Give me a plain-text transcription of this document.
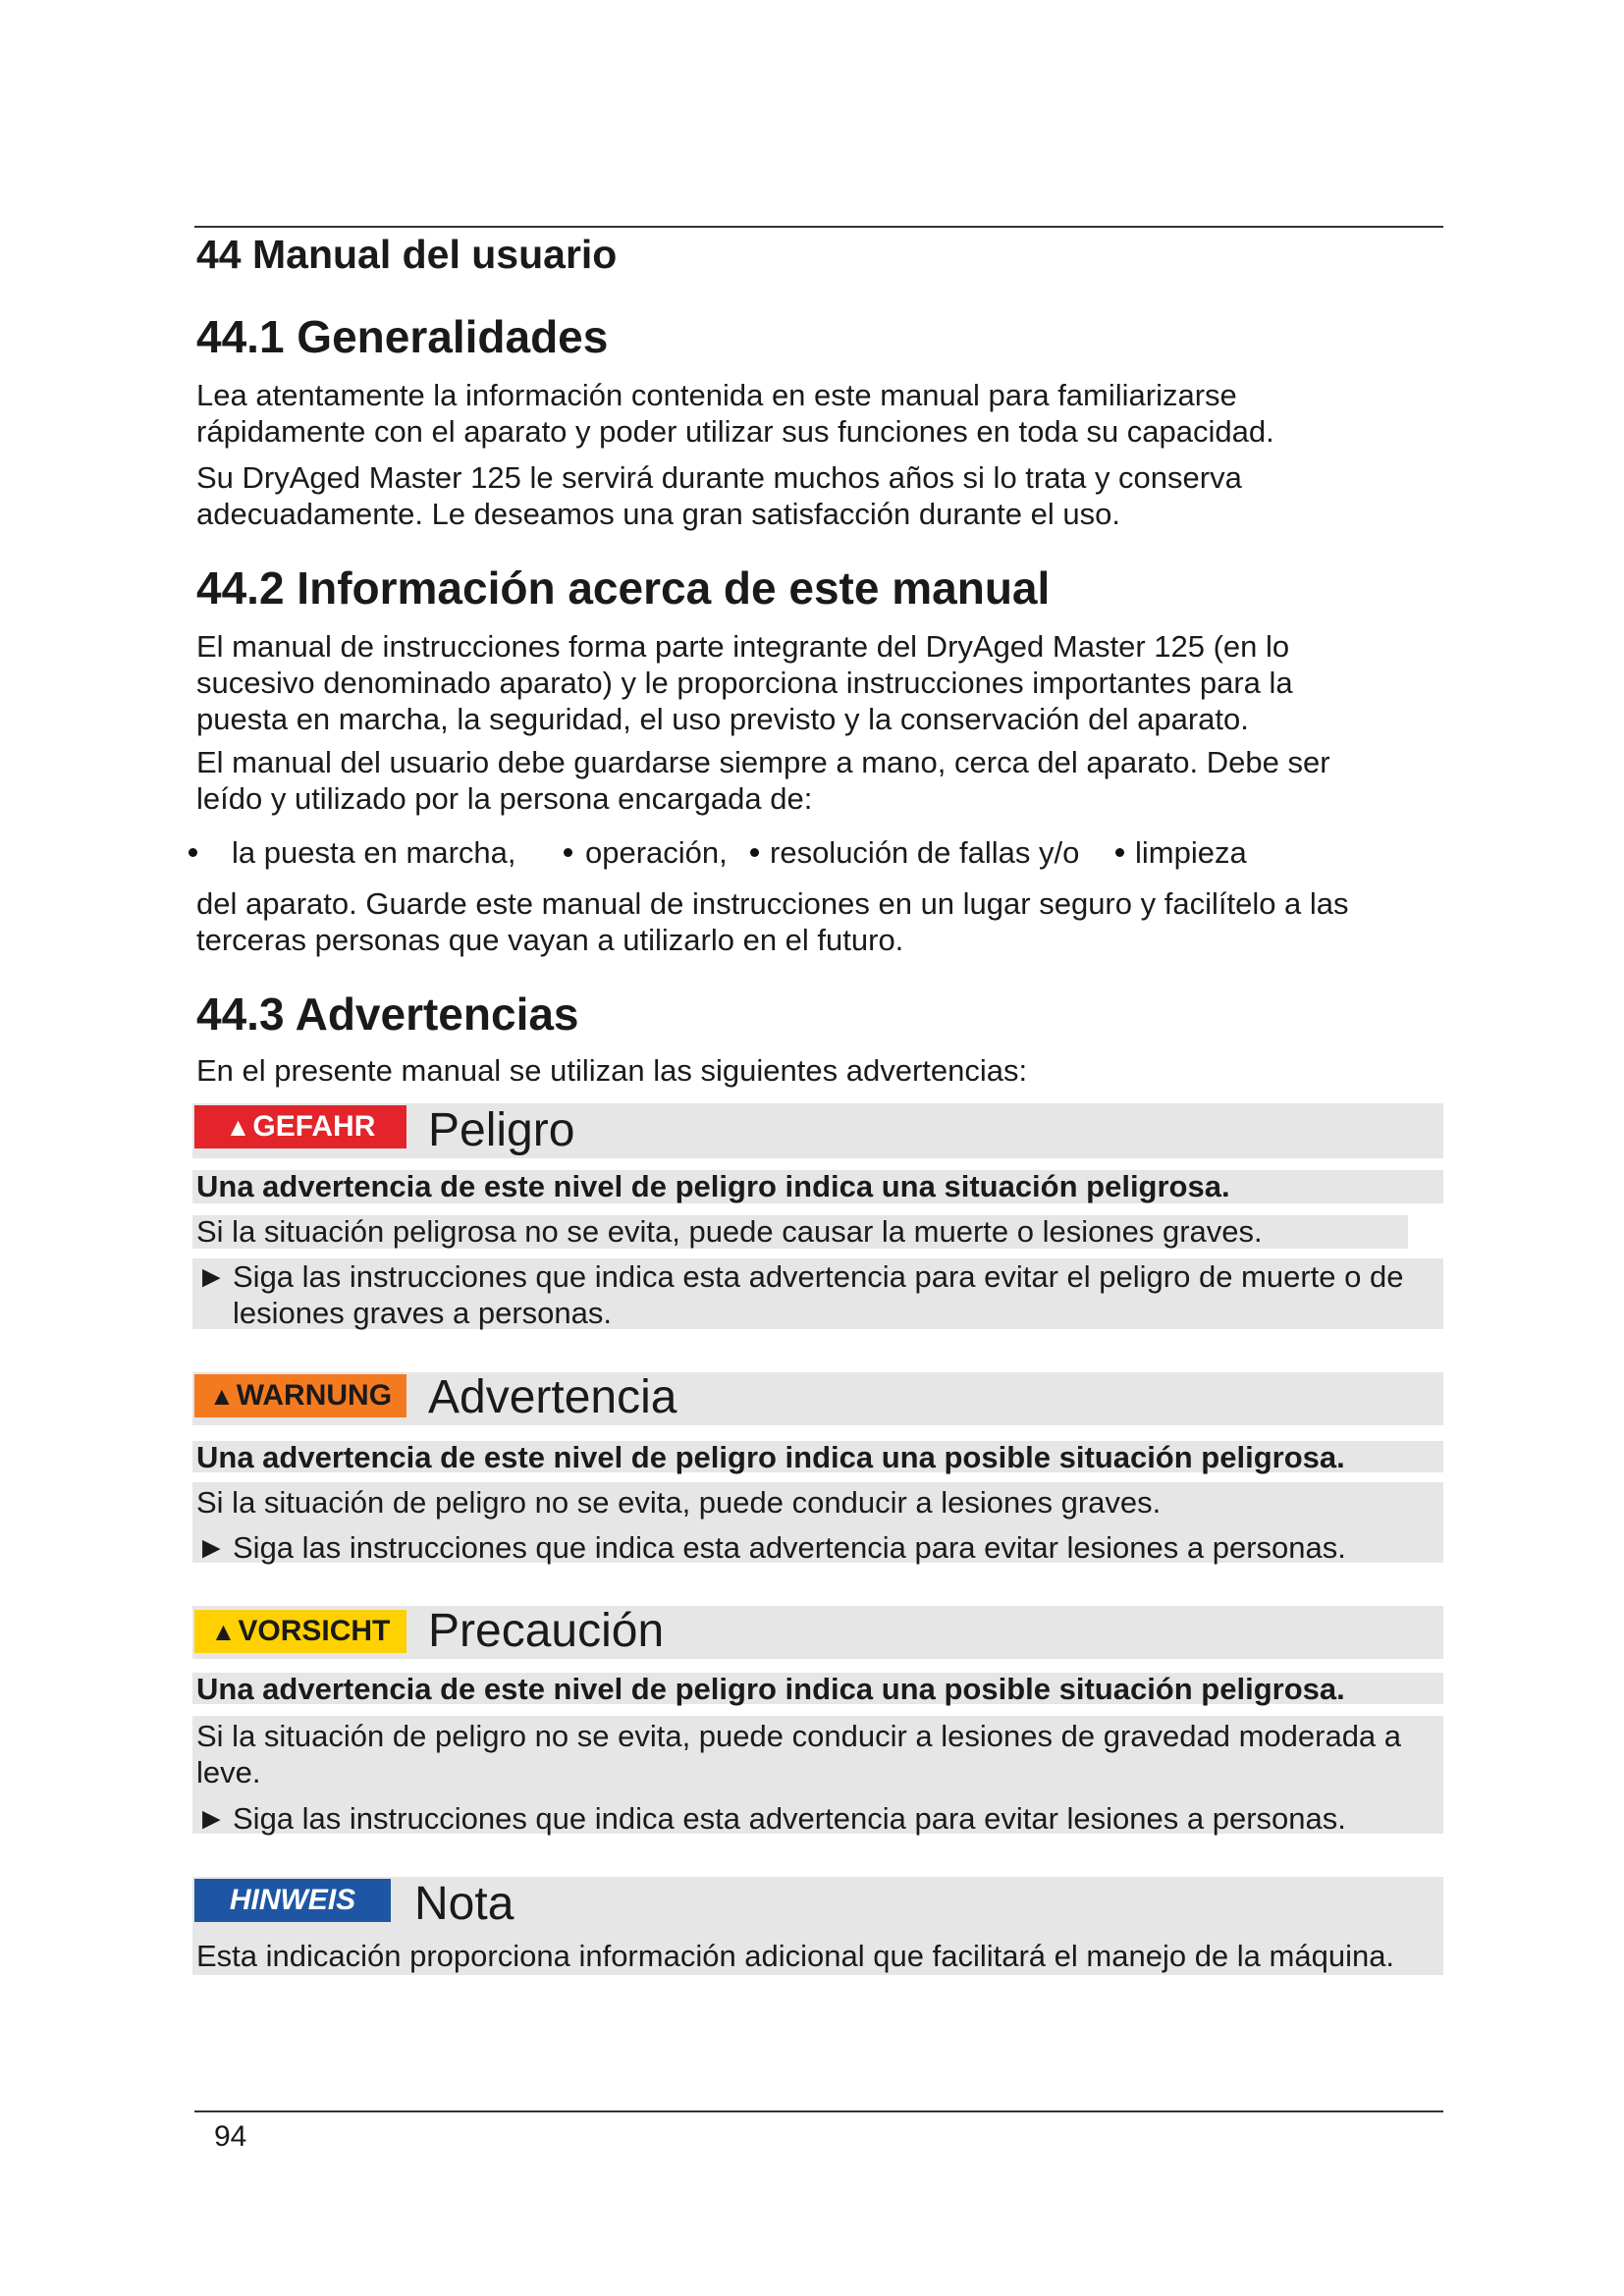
44 Manual del usuario
44.1 Generalidades

Lea atentamente la información contenida en este manual para familiarizarse rápidamente con el aparato y poder utilizar sus funciones en toda su capacidad.

Su DryAged Master 125 le servirá durante muchos años si lo trata y conserva adecuadamente. Le deseamos una gran satisfacción durante el uso.

44.2 Información acerca de este manual

El manual de instrucciones forma parte integrante del DryAged Master 125 (en lo sucesivo denominado aparato) y le proporciona instrucciones importantes para la puesta en marcha, la seguridad, el uso previsto y la conservación del aparato.

El manual del usuario debe guardarse siempre a mano, cerca del aparato. Debe ser leído y utilizado por la persona encargada de:

la puesta en marcha, operación, resolución de fallas y/o limpieza

del aparato. Guarde este manual de instrucciones en un lugar seguro y facilítelo a las terceras personas que vayan a utilizarlo en el futuro.

44.3 Advertencias

En el presente manual se utilizan las siguientes advertencias:

▲ GEFAHR Peligro

Una advertencia de este nivel de peligro indica una situación peligrosa.

Si la situación peligrosa no se evita, puede causar la muerte o lesiones graves.

► Siga las instrucciones que indica esta advertencia para evitar el peligro de muerte o de lesiones graves a personas.
▲ WARNUNG Advertencia

Una advertencia de este nivel de peligro indica una posible situación peligrosa.

Si la situación de peligro no se evita, puede conducir a lesiones graves.

► Siga las instrucciones que indica esta advertencia para evitar lesiones a personas.
▲ VORSICHT Precaución

Una advertencia de este nivel de peligro indica una posible situación peligrosa.

Si la situación de peligro no se evita, puede conducir a lesiones de gravedad moderada a leve.

► Siga las instrucciones que indica esta advertencia para evitar lesiones a personas.
HINWEIS Nota

Esta indicación proporciona información adicional que facilitará el manejo de la máquina.

94
